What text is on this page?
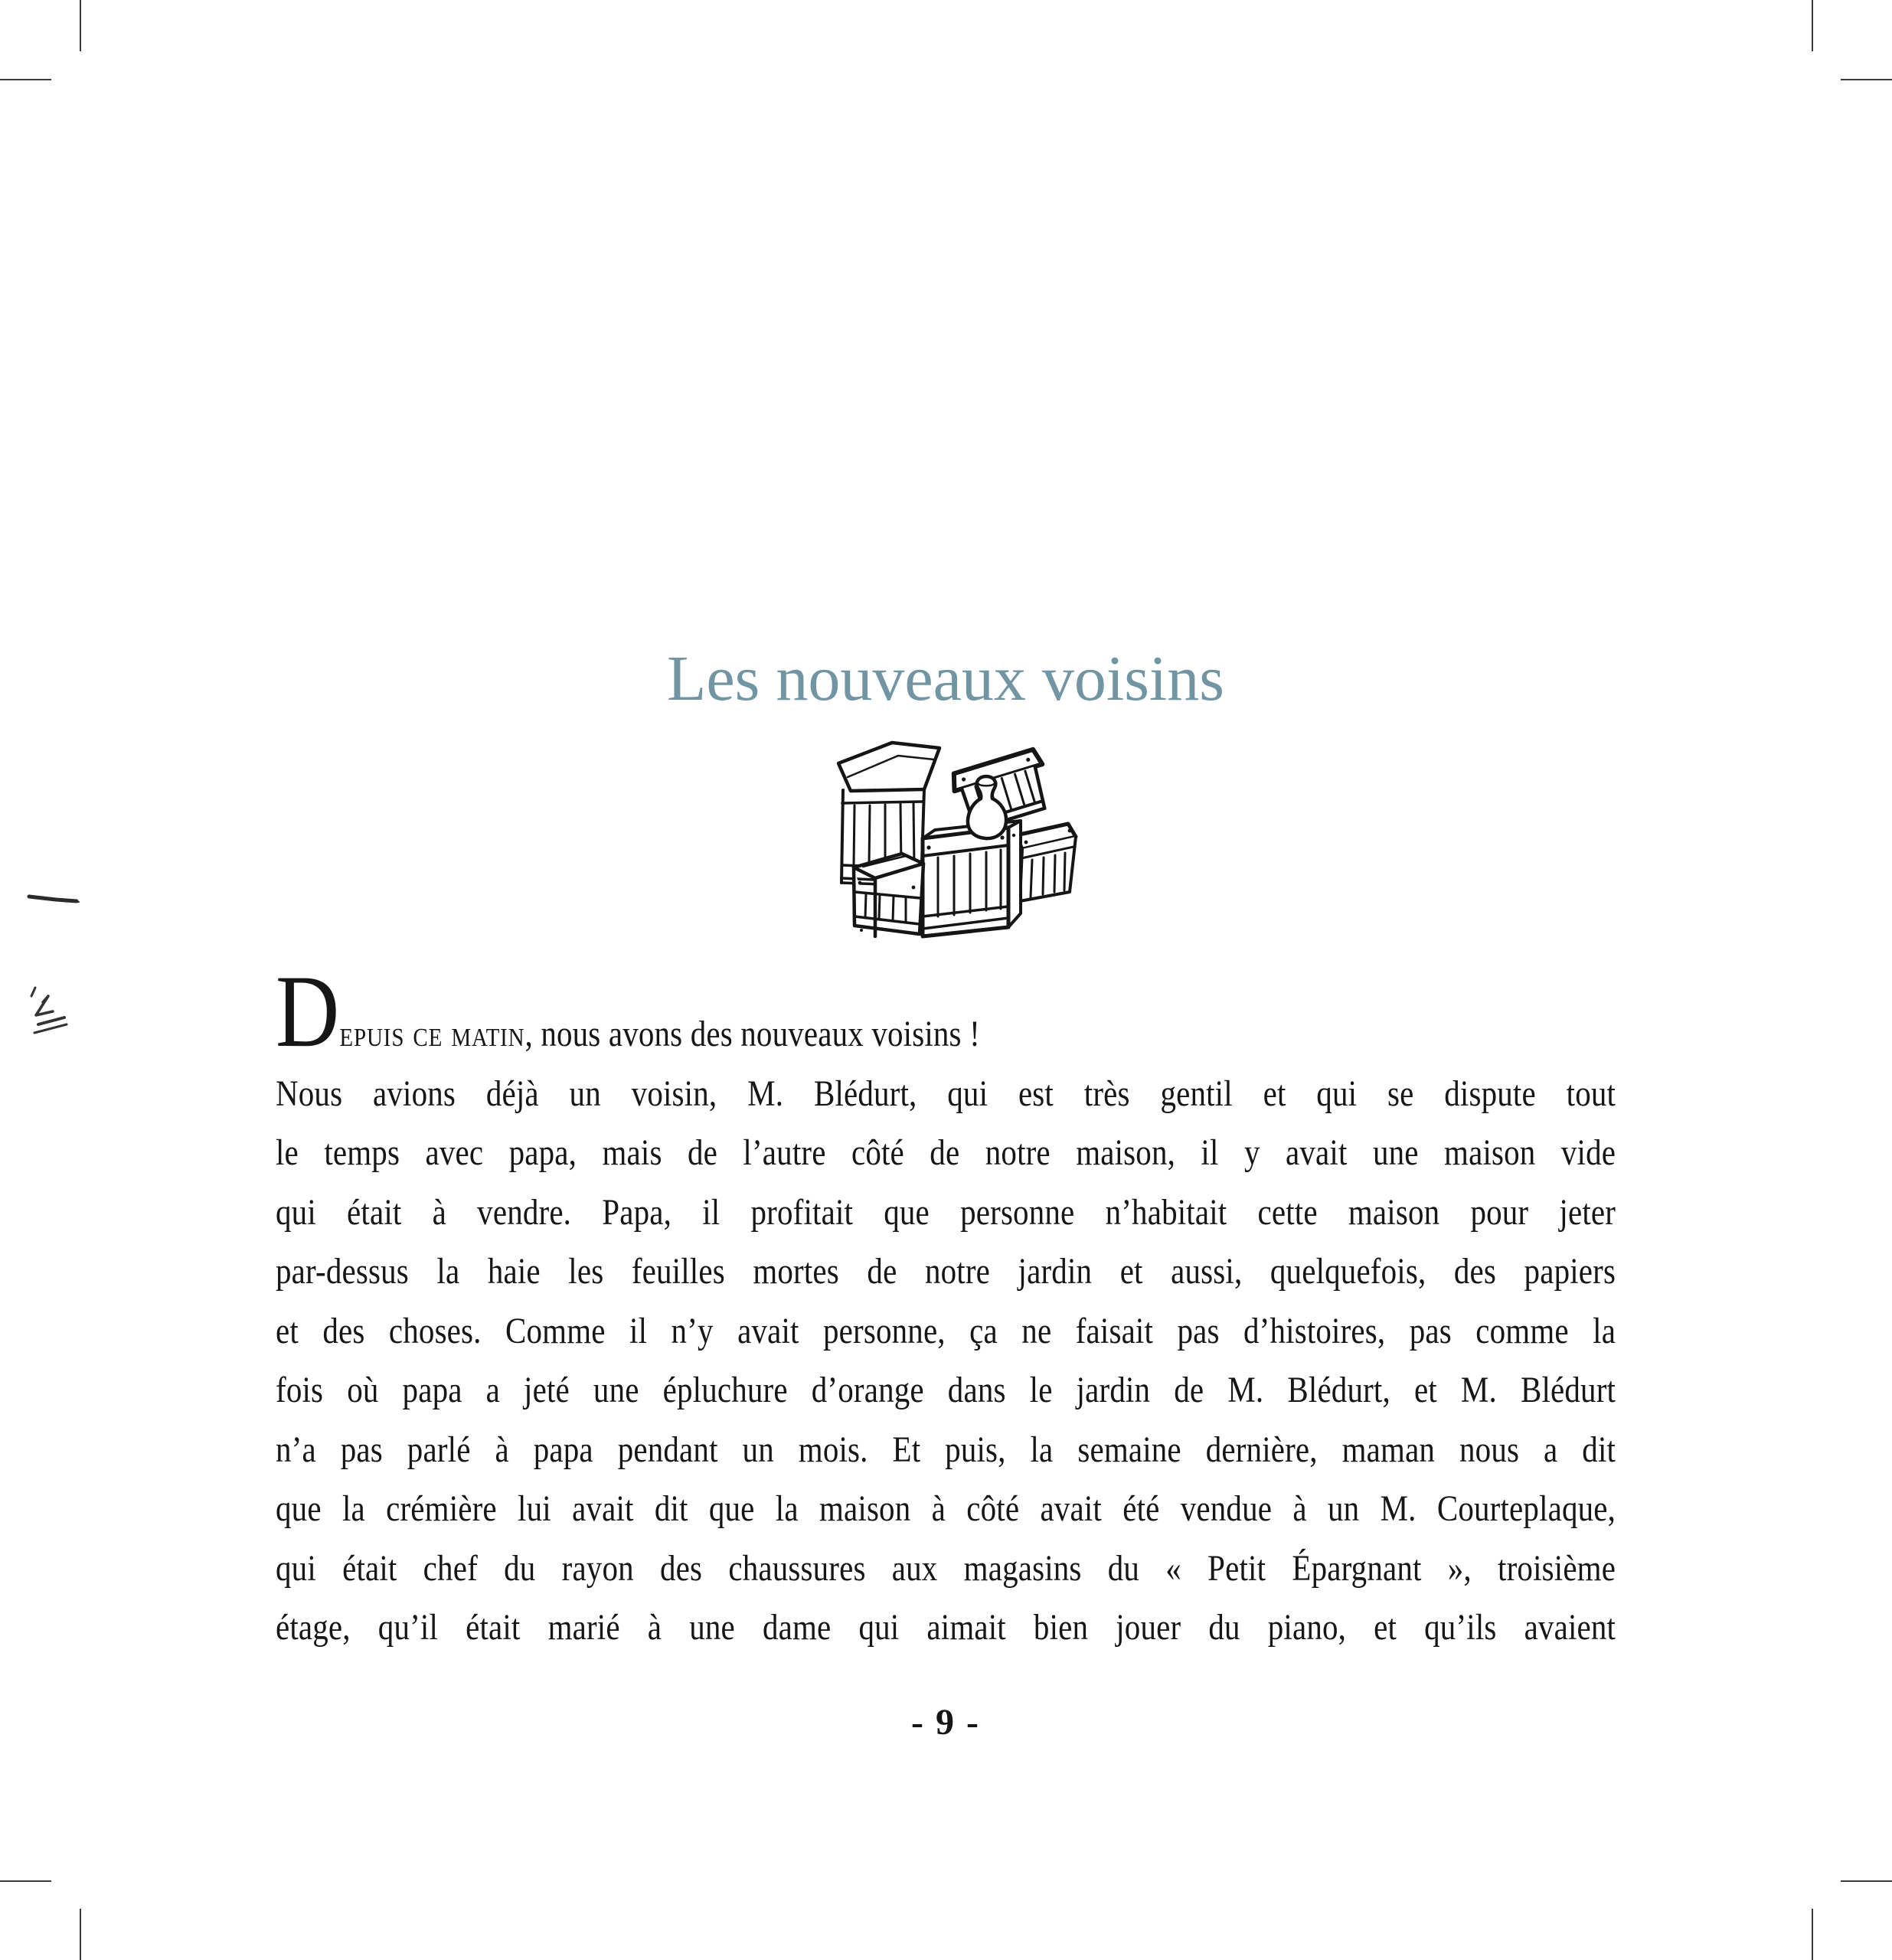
Les nouveaux voisins
Depuis ce matin, nous avons des nouveaux voisins !
Nous avions déjà un voisin, M. Blédurt, qui est très gentil et qui se dispute tout
le temps avec papa, mais de l’autre côté de notre maison, il y avait une maison vide
qui était à vendre. Papa, il profitait que personne n’habitait cette maison pour jeter
par-dessus la haie les feuilles mortes de notre jardin et aussi, quelquefois, des papiers
et des choses. Comme il n’y avait personne, ça ne faisait pas d’histoires, pas comme la
fois où papa a jeté une épluchure d’orange dans le jardin de M. Blédurt, et M. Blédurt
n’a pas parlé à papa pendant un mois. Et puis, la semaine dernière, maman nous a dit
que la crémière lui avait dit que la maison à côté avait été vendue à un M. Courteplaque,
qui était chef du rayon des chaussures aux magasins du « Petit Épargnant », troisième
étage, qu’il était marié à une dame qui aimait bien jouer du piano, et qu’ils avaient
- 9 -
